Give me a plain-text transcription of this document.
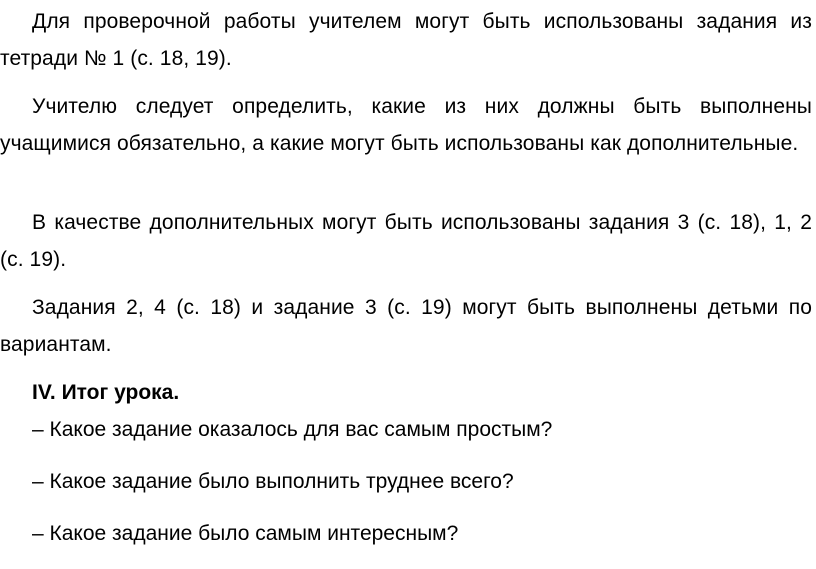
Для проверочной работы учителем могут быть использованы задания из тетради № 1 (с. 18, 19).

Учителю следует определить, какие из них должны быть выполнены учащимися обязательно, а какие могут быть использованы как дополнительные.

В качестве дополнительных могут быть использованы задания 3 (с. 18), 1, 2 (с. 19).

Задания 2, 4 (с. 18) и задание 3 (с. 19) могут быть выполнены детьми по вариантам.

IV. Итог урока.

– Какое задание оказалось для вас самым простым?

– Какое задание было выполнить труднее всего?

– Какое задание было самым интересным?
